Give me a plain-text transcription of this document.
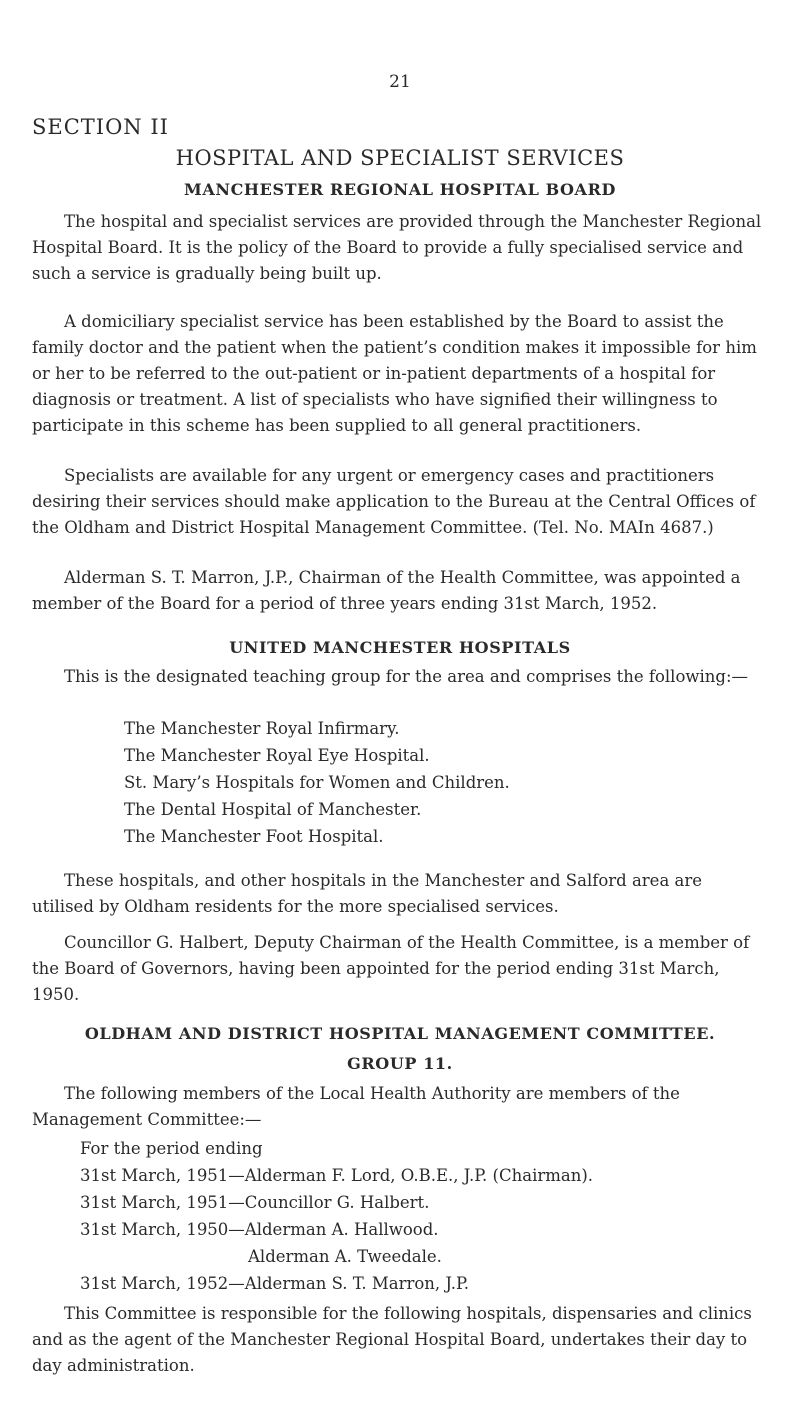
21
SECTION II
HOSPITAL AND SPECIALIST SERVICES
MANCHESTER REGIONAL HOSPITAL BOARD

The hospital and specialist services are provided through the Manchester Regional Hospital Board. It is the policy of the Board to provide a fully specialised service and such a service is gradually being built up.

A domiciliary specialist service has been established by the Board to assist the family doctor and the patient when the patient’s condition makes it impossible for him or her to be referred to the out-patient or in-patient departments of a hospital for diagnosis or treatment. A list of specialists who have signified their willingness to participate in this scheme has been supplied to all general practitioners.

Specialists are available for any urgent or emergency cases and practitioners desiring their services should make application to the Bureau at the Central Offices of the Oldham and District Hospital Management Committee. (Tel. No. MAIn 4687.)

Alderman S. T. Marron, J.P., Chairman of the Health Committee, was appointed a member of the Board for a period of three years ending 31st March, 1952.

UNITED MANCHESTER HOSPITALS

This is the designated teaching group for the area and comprises the following:—

The Manchester Royal Infirmary.
The Manchester Royal Eye Hospital.
St. Mary’s Hospitals for Women and Children.
The Dental Hospital of Manchester.
The Manchester Foot Hospital.

These hospitals, and other hospitals in the Manchester and Salford area are utilised by Oldham residents for the more specialised services.

Councillor G. Halbert, Deputy Chairman of the Health Committee, is a member of the Board of Governors, having been appointed for the period ending 31st March, 1950.

OLDHAM AND DISTRICT HOSPITAL MANAGEMENT COMMITTEE.
GROUP 11.

The following members of the Local Health Authority are members of the Management Committee:—

For the period ending
31st March, 1951—Alderman F. Lord, O.B.E., J.P. (Chairman).
31st March, 1951—Councillor G. Halbert.
31st March, 1950—Alderman A. Hallwood.
Alderman A. Tweedale.
31st March, 1952—Alderman S. T. Marron, J.P.

This Committee is responsible for the following hospitals, dispensaries and clinics and as the agent of the Manchester Regional Hospital Board, undertakes their day to day administration.
